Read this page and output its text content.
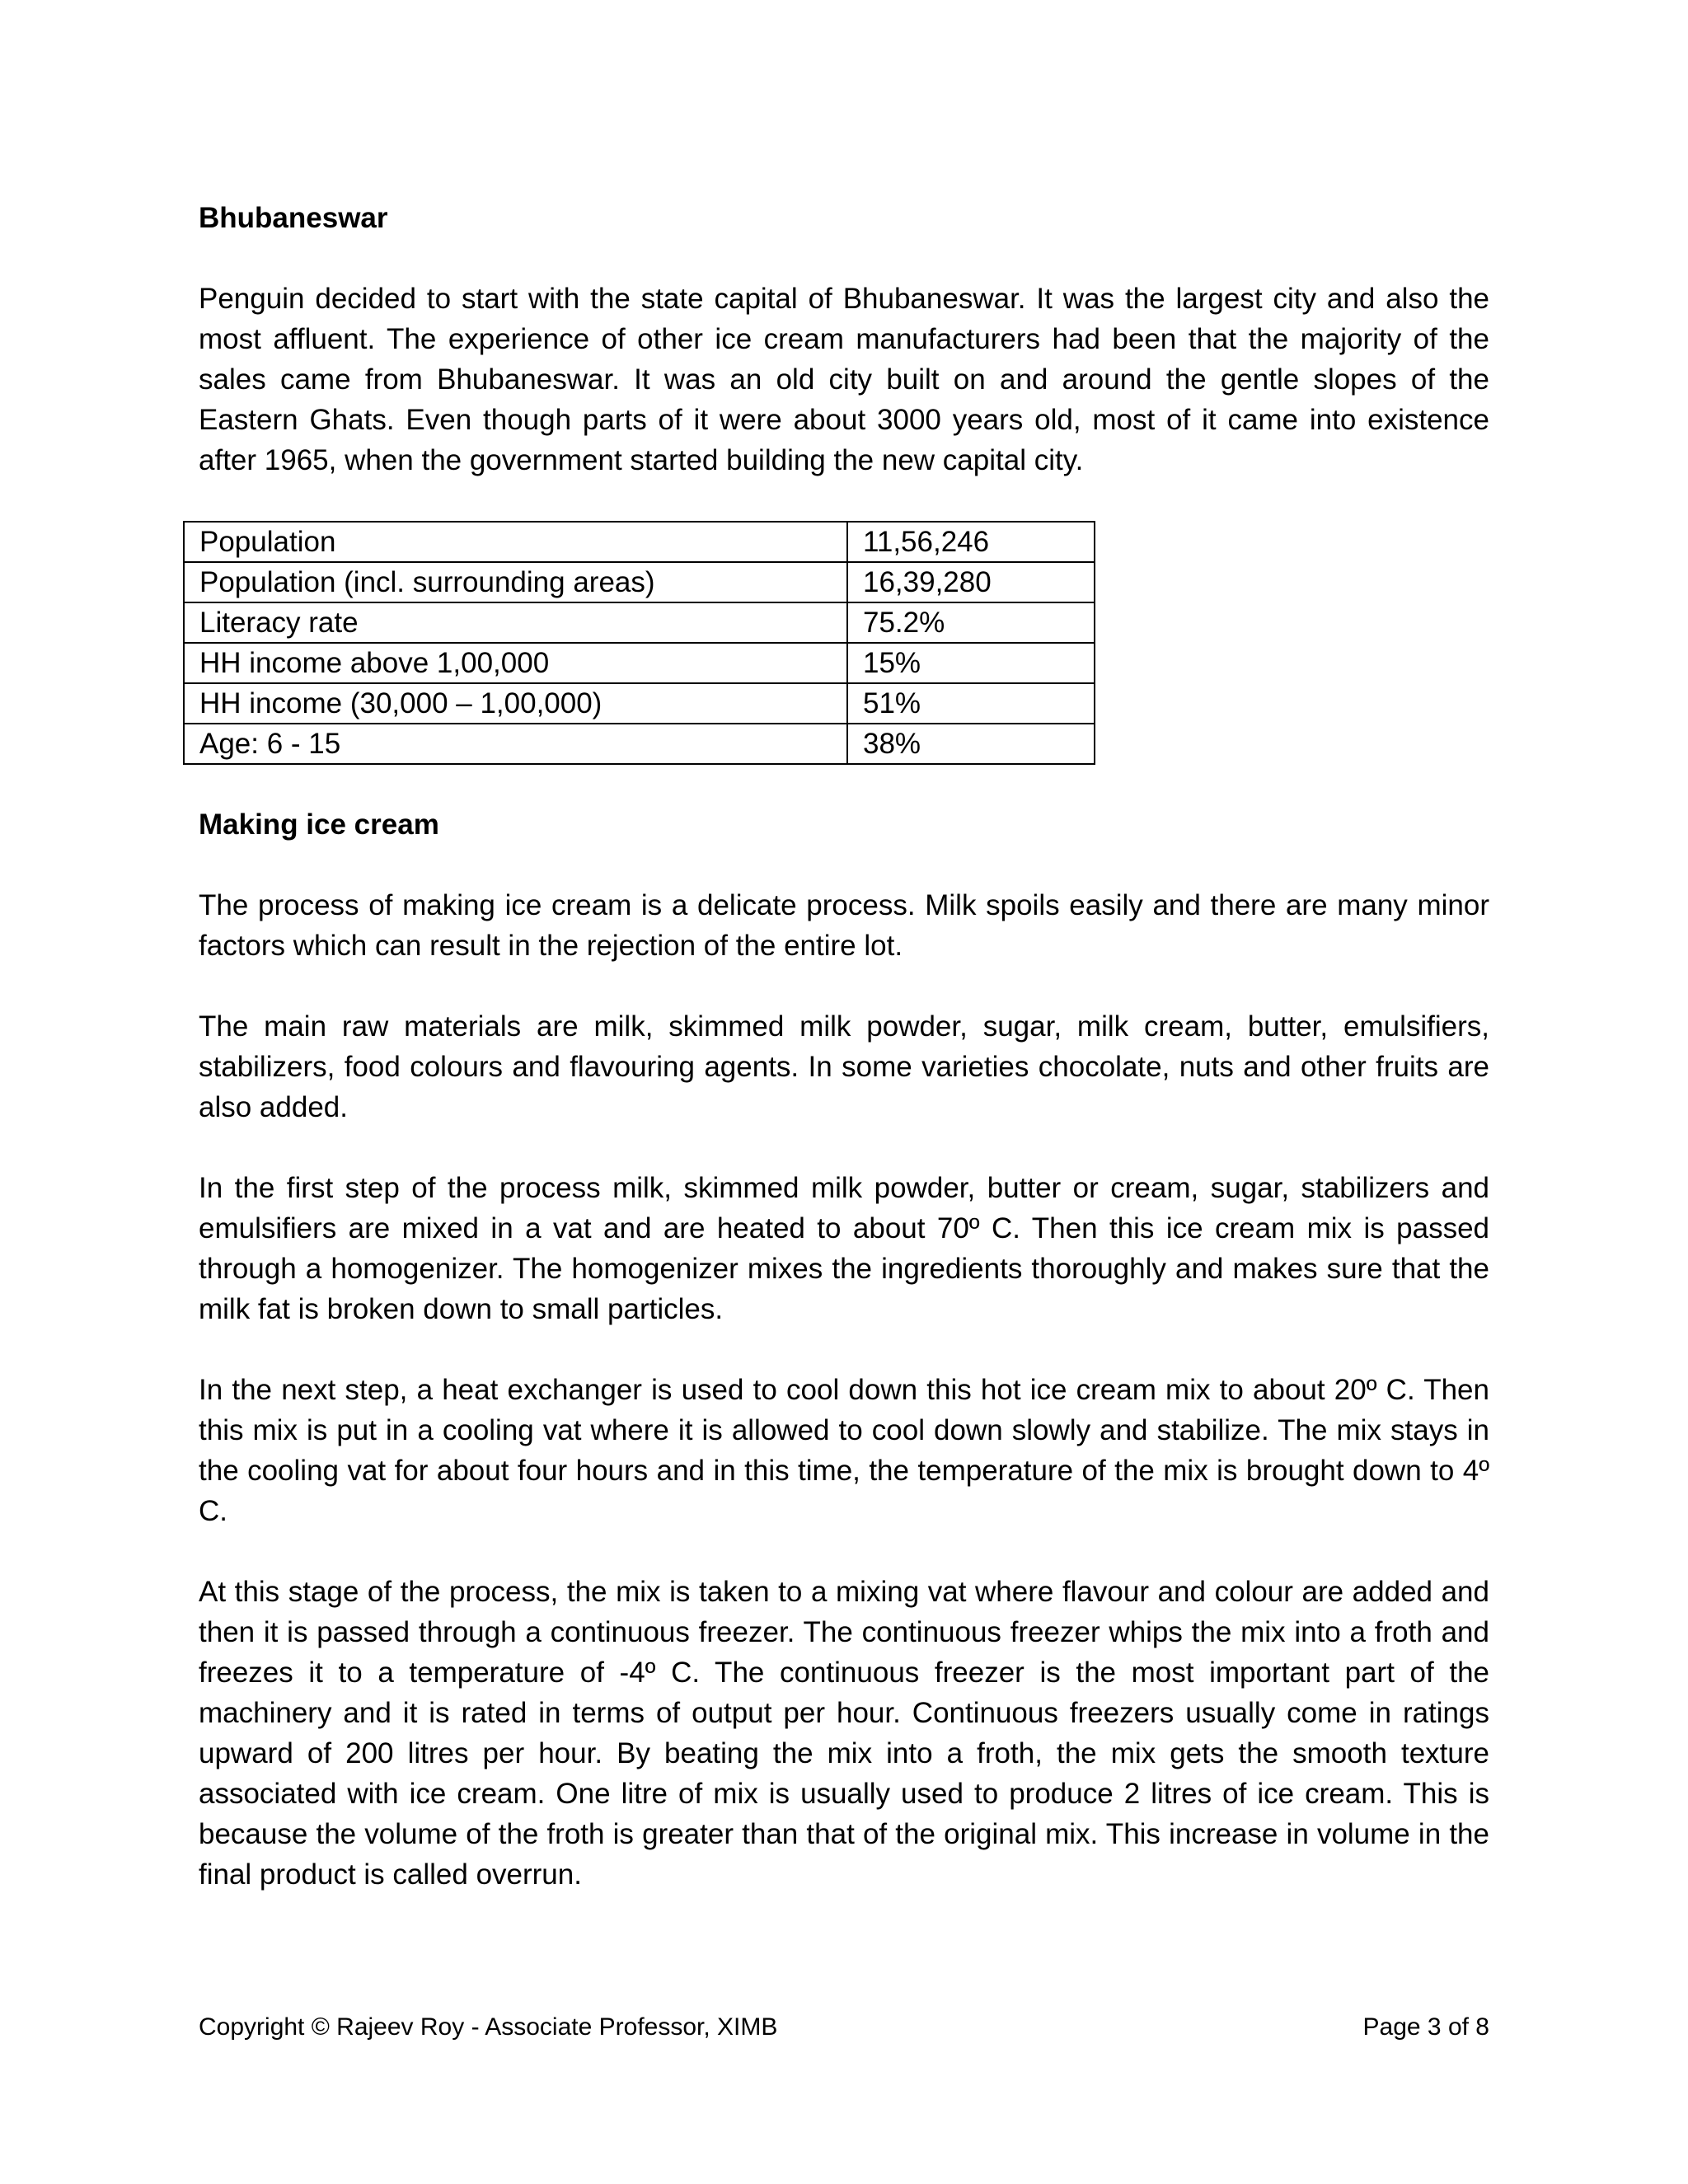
Bhubaneswar

Penguin decided to start with the state capital of Bhubaneswar. It was the largest city and also the most affluent. The experience of other ice cream manufacturers had been that the majority of the sales came from Bhubaneswar. It was an old city built on and around the gentle slopes of the Eastern Ghats. Even though parts of it were about 3000 years old, most of it came into existence after 1965, when the government started building the new capital city.

Population	11,56,246
Population (incl. surrounding areas)	16,39,280
Literacy rate	75.2%
HH income above 1,00,000	15%
HH income (30,000 – 1,00,000)	51%
Age: 6 - 15	38%
Making ice cream

The process of making ice cream is a delicate process. Milk spoils easily and there are many minor factors which can result in the rejection of the entire lot.

The main raw materials are milk, skimmed milk powder, sugar, milk cream, butter, emulsifiers, stabilizers, food colours and flavouring agents. In some varieties chocolate, nuts and other fruits are also added.

In the first step of the process milk, skimmed milk powder, butter or cream, sugar, stabilizers and emulsifiers are mixed in a vat and are heated to about 70º C. Then this ice cream mix is passed through a homogenizer. The homogenizer mixes the ingredients thoroughly and makes sure that the milk fat is broken down to small particles.

In the next step, a heat exchanger is used to cool down this hot ice cream mix to about 20º C. Then this mix is put in a cooling vat where it is allowed to cool down slowly and stabilize. The mix stays in the cooling vat for about four hours and in this time, the temperature of the mix is brought down to 4º C.

At this stage of the process, the mix is taken to a mixing vat where flavour and colour are added and then it is passed through a continuous freezer. The continuous freezer whips the mix into a froth and freezes it to a temperature of -4º C. The continuous freezer is the most important part of the machinery and it is rated in terms of output per hour. Continuous freezers usually come in ratings upward of 200 litres per hour. By beating the mix into a froth, the mix gets the smooth texture associated with ice cream. One litre of mix is usually used to produce 2 litres of ice cream. This is because the volume of the froth is greater than that of the original mix. This increase in volume in the final product is called overrun.

Copyright © Rajeev Roy - Associate Professor, XIMB	Page 3 of 8
